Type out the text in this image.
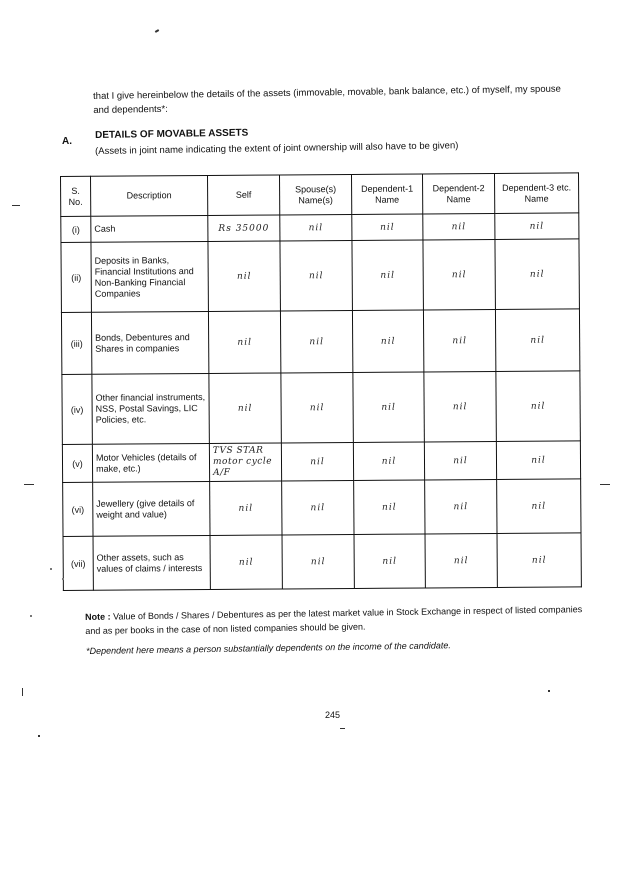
that I give hereinbelow the details of the assets (immovable, movable, bank balance, etc.) of myself, my spouse and dependents*:
A.
DETAILS OF MOVABLE ASSETS
(Assets in joint name indicating the extent of joint ownership will also have to be given)
S. No.	Description	Self	Spouse(s) Name(s)	Dependent-1 Name	Dependent-2 Name	Dependent-3 etc. Name
(i)	Cash	Rs 35000	nil	nil	nil	nil
(ii)	Deposits in Banks, Financial Institutions and Non-Banking Financial Companies	nil	nil	nil	nil	nil
(iii)	Bonds, Debentures and Shares in companies	nil	nil	nil	nil	nil
(iv)	Other financial instruments, NSS, Postal Savings, LIC Policies, etc.	nil	nil	nil	nil	nil
(v)	Motor Vehicles (details of make, etc.)	TVS STAR
motor cycle
A/F	nil	nil	nil	nil
(vi)	Jewellery (give details of weight and value)	nil	nil	nil	nil	nil
(vii)	Other assets, such as values of claims / interests	nil	nil	nil	nil	nil
Note : Value of Bonds / Shares / Debentures as per the latest market value in Stock Exchange in respect of listed companies and as per books in the case of non listed companies should be given.
*Dependent here means a person substantially dependents on the income of the candidate.
245
